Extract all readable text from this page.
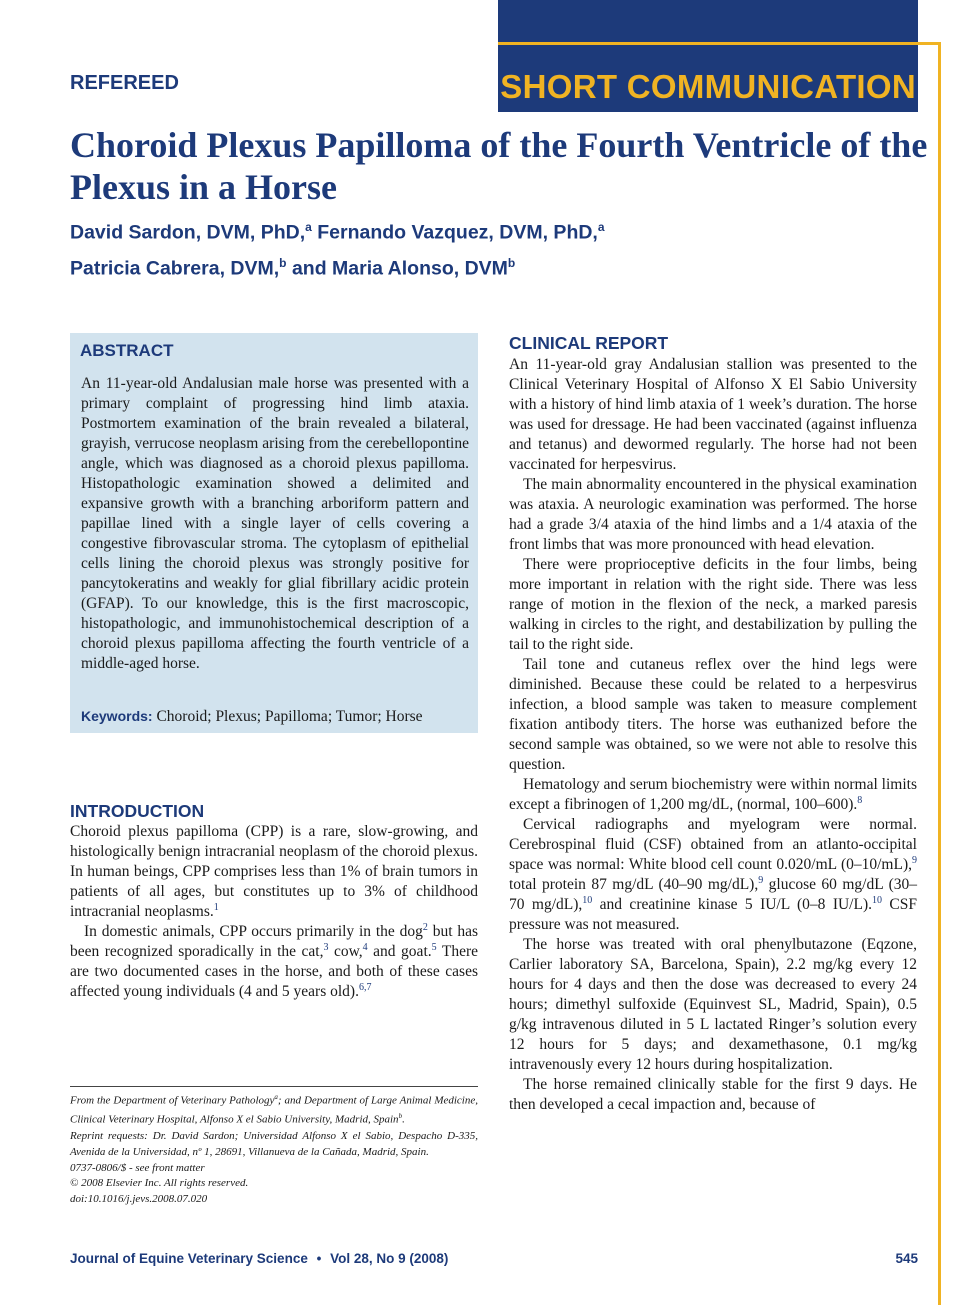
SHORT COMMUNICATION
REFEREED
Choroid Plexus Papilloma of the Fourth Ventricle of the Plexus in a Horse
David Sardon, DVM, PhD,$^a$ Fernando Vazquez, DVM, PhD,$^a$
Patricia Cabrera, DVM,$^b$ and Maria Alonso, DVM$^b$
ABSTRACT

An 11-year-old Andalusian male horse was presented with a primary complaint of progressing hind limb ataxia. Postmortem examination of the brain revealed a bilateral, grayish, verrucose neoplasm arising from the cerebellopontine angle, which was diagnosed as a choroid plexus papilloma. Histopathologic examination showed a delimited and expansive growth with a branching arboriform pattern and papillae lined with a single layer of cells covering a congestive fibrovascular stroma. The cytoplasm of epithelial cells lining the choroid plexus was strongly positive for pancytokeratins and weakly for glial fibrillary acidic protein (GFAP). To our knowledge, this is the first macroscopic, histopathologic, and immunohistochemical description of a choroid plexus papilloma affecting the fourth ventricle of a middle-aged horse.

Keywords: Choroid; Plexus; Papilloma; Tumor; Horse
INTRODUCTION

Choroid plexus papilloma (CPP) is a rare, slow-growing, and histologically benign intracranial neoplasm of the choroid plexus. In human beings, CPP comprises less than 1% of brain tumors in patients of all ages, but constitutes up to 3% of childhood intracranial neoplasms.$^1$

In domestic animals, CPP occurs primarily in the dog$^2$ but has been recognized sporadically in the cat,$^3$ cow,$^4$ and goat.$^5$ There are two documented cases in the horse, and both of these cases affected young individuals (4 and 5 years old).$^{6,7}$

CLINICAL REPORT

An 11-year-old gray Andalusian stallion was presented to the Clinical Veterinary Hospital of Alfonso X El Sabio University with a history of hind limb ataxia of 1 week’s duration. The horse was used for dressage. He had been vaccinated (against influenza and tetanus) and dewormed regularly. The horse had not been vaccinated for herpesvirus.

The main abnormality encountered in the physical examination was ataxia. A neurologic examination was performed. The horse had a grade 3/4 ataxia of the hind limbs and a 1/4 ataxia of the front limbs that was more pronounced with head elevation.

There were proprioceptive deficits in the four limbs, being more important in relation with the right side. There was less range of motion in the flexion of the neck, a marked paresis walking in circles to the right, and destabilization by pulling the tail to the right side.

Tail tone and cutaneus reflex over the hind legs were diminished. Because these could be related to a herpesvirus infection, a blood sample was taken to measure complement fixation antibody titers. The horse was euthanized before the second sample was obtained, so we were not able to resolve this question.

Hematology and serum biochemistry were within normal limits except a fibrinogen of 1,200 mg/dL, (normal, 100–600).$^8$

Cervical radiographs and myelogram were normal. Cerebrospinal fluid (CSF) obtained from an atlanto-occipital space was normal: White blood cell count 0.020/mL (0–10/mL),$^9$ total protein 87 mg/dL (40–90 mg/dL),$^9$ glucose 60 mg/dL (30–70 mg/dL),$^{10}$ and creatinine kinase 5 IU/L (0–8 IU/L).$^{10}$ CSF pressure was not measured.

The horse was treated with oral phenylbutazone (Eqzone, Carlier laboratory SA, Barcelona, Spain), 2.2 mg/kg every 12 hours for 4 days and then the dose was decreased to every 24 hours; dimethyl sulfoxide (Equinvest SL, Madrid, Spain), 0.5 g/kg intravenous diluted in 5 L lactated Ringer’s solution every 12 hours for 5 days; and dexamethasone, 0.1 mg/kg intravenously every 12 hours during hospitalization.

The horse remained clinically stable for the first 9 days. He then developed a cecal impaction and, because of

From the Department of Veterinary Pathology$^a$; and Department of Large Animal Medicine, Clinical Veterinary Hospital, Alfonso X el Sabio University, Madrid, Spain$^b$.
Reprint requests: Dr. David Sardon; Universidad Alfonso X el Sabio, Despacho D-335, Avenida de la Universidad, nº 1, 28691, Villanueva de la Cañada, Madrid, Spain.
0737-0806/$ - see front matter
© 2008 Elsevier Inc. All rights reserved.
doi:10.1016/j.jevs.2008.07.020
Journal of Equine Veterinary Science • Vol 28, No 9 (2008)	545
